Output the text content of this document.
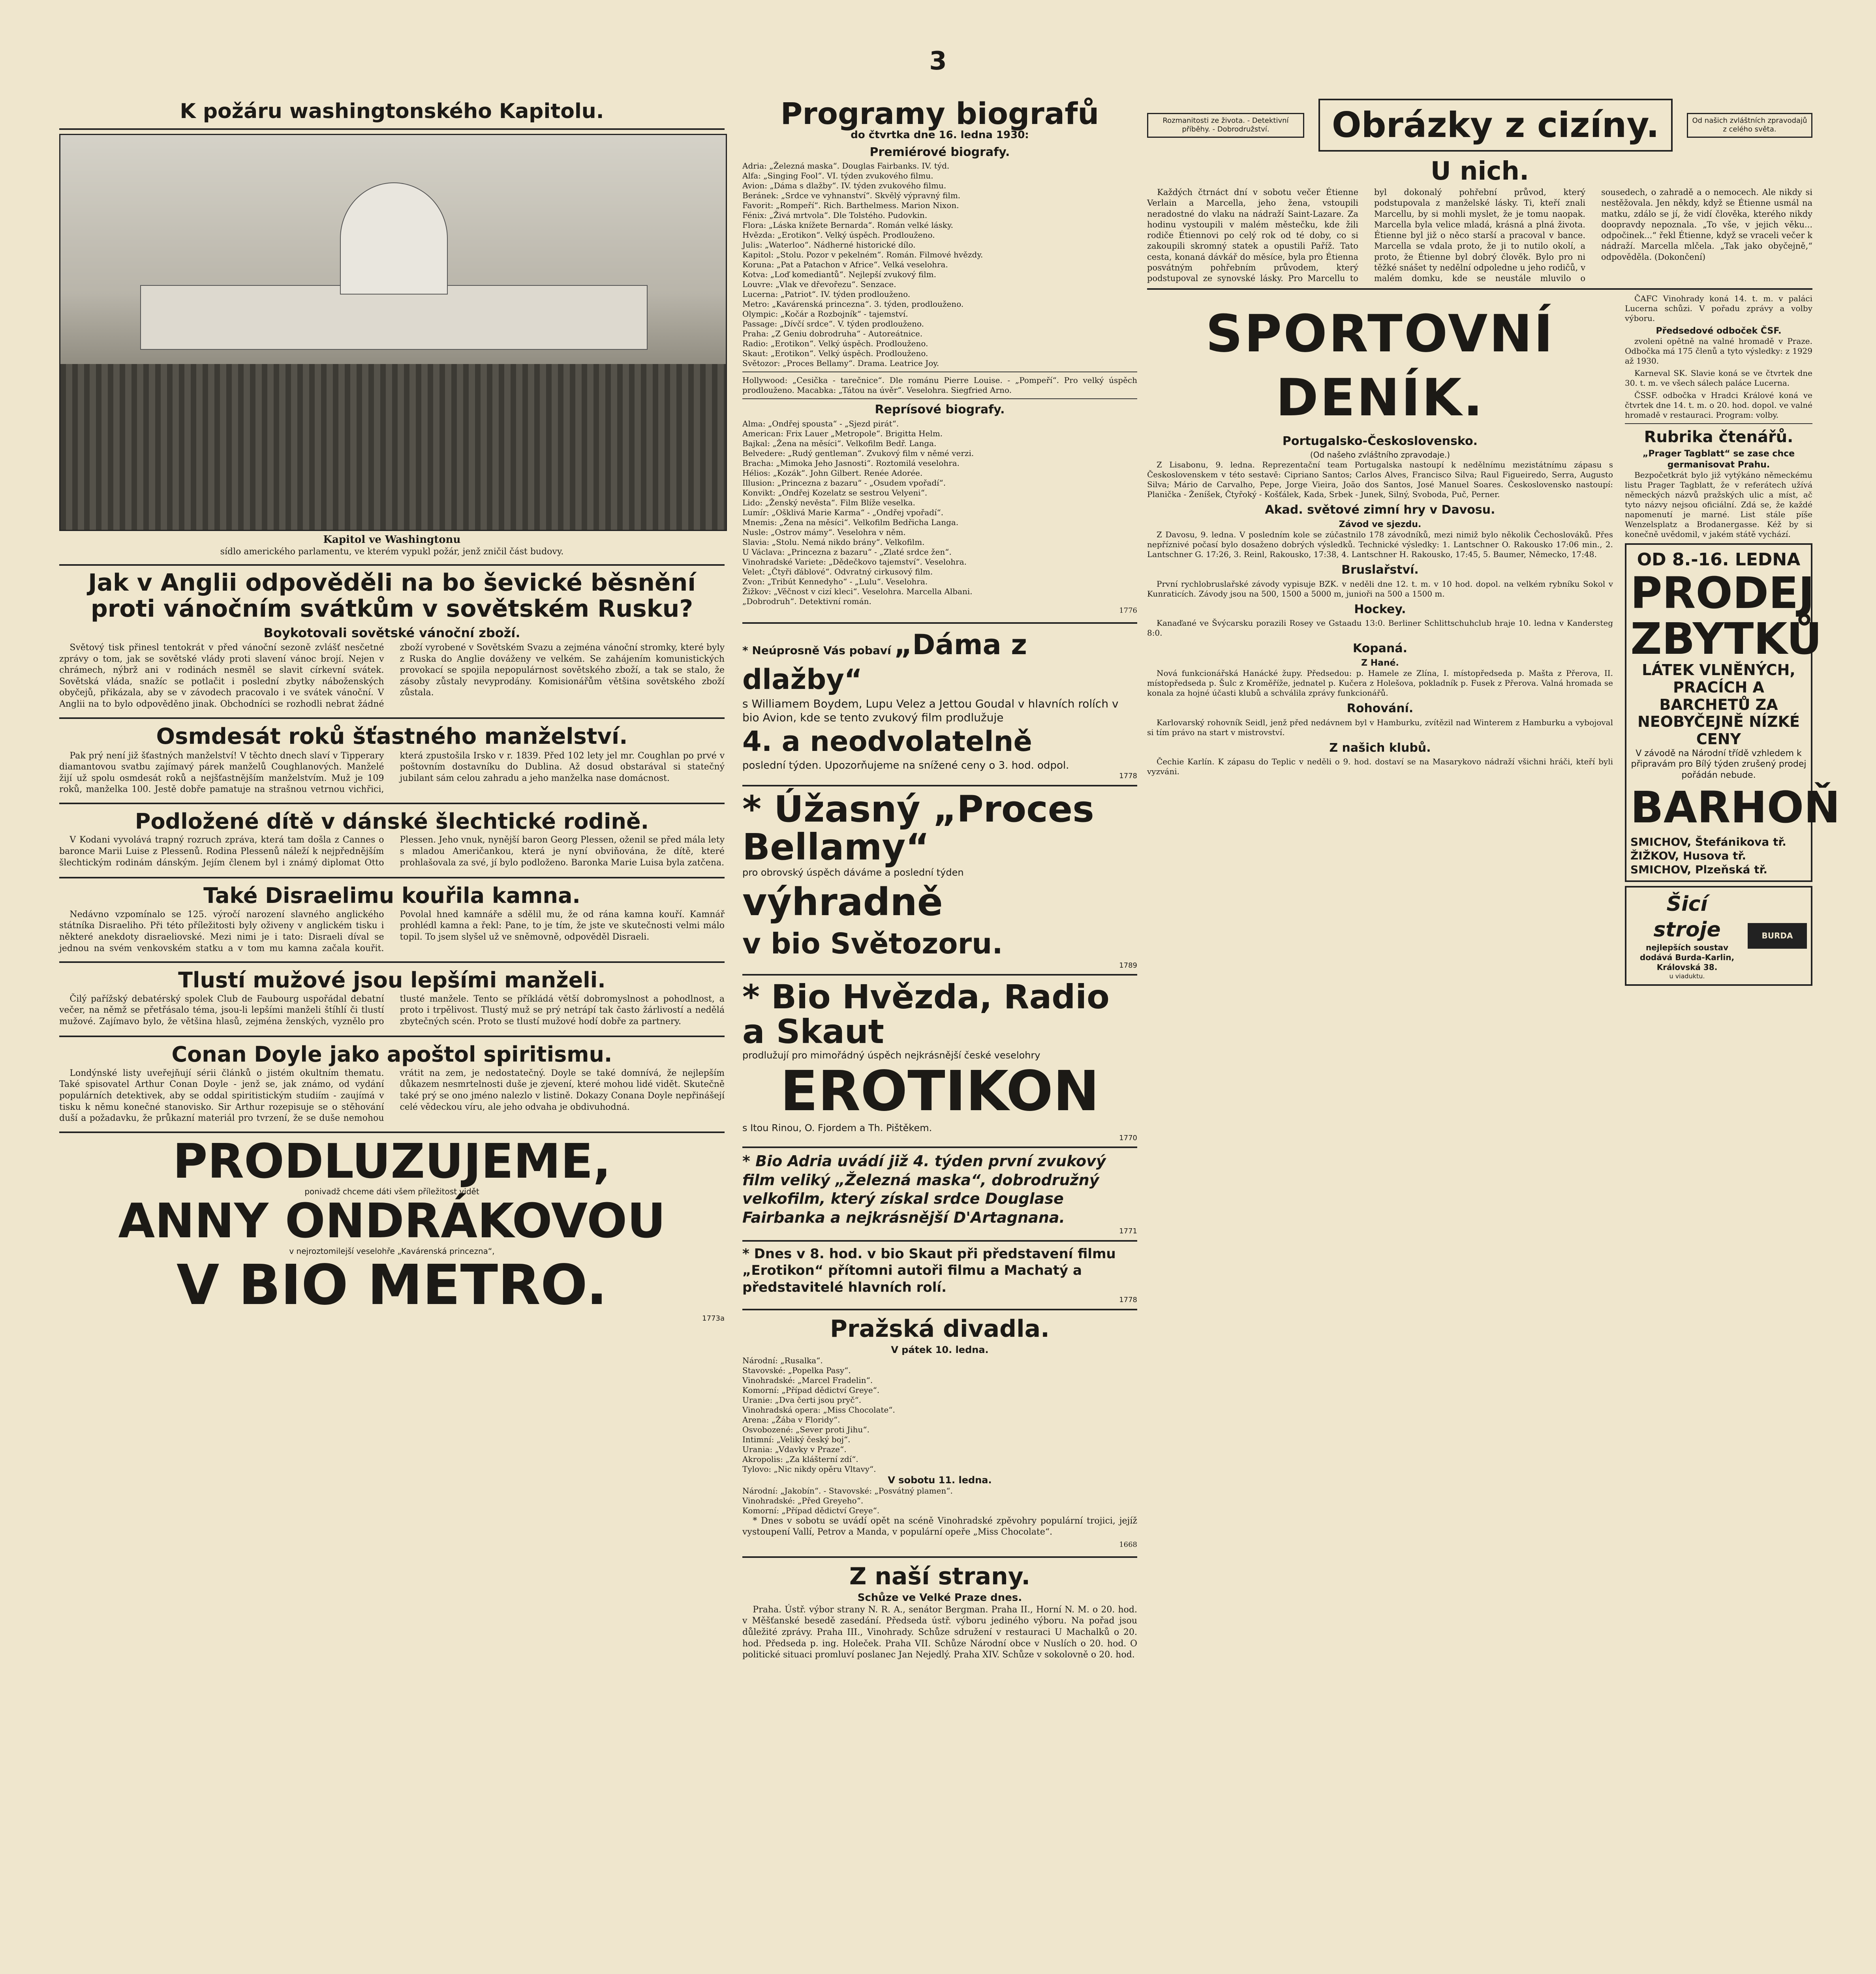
3
K požáru washingtonského Kapitolu.
Kapitol ve Washingtonu
sídlo amerického parlamentu, ve kterém vypukl požár, jenž zničil část budovy.
Jak v Anglii odpověděli na bo ševické běsnění proti vánočním svátkům v sovětském Rusku?
Boykotovali sovětské vánoční zboží.

Světový tisk přinesl tentokrát v před vánoční sezoně zvlášť nesčetné zprávy o tom, jak se sovětské vlády proti slavení vánoc brojí. Nejen v chrámech, nýbrž ani v rodinách nesměl se slavit církevní svátek. Sovětská vláda, snažíc se potlačit i poslední zbytky náboženských obyčejů, přikázala, aby se v závodech pracovalo i ve svátek vánoční. V Anglii na to bylo odpověděno jinak. Obchodníci se rozhodli nebrat žádné zboží vyrobené v Sovětském Svazu a zejména vánoční stromky, které byly z Ruska do Anglie dováženy ve velkém. Se zahájením komunistických provokací se spojila nepopulárnost sovětského zboží, a tak se stalo, že zásoby zůstaly nevyprodány. Komisionářům většina sovětského zboží zůstala.

Osmdesát roků šťastného manželství.

Pak prý není již šťastných manželství! V těchto dnech slaví v Tipperary diamantovou svatbu zajímavý párek manželů Coughlanových. Manželé žijí už spolu osmdesát roků a nejšťastnějším manželstvím. Muž je 109 roků, manželka 100. Jestě dobře pamatuje na strašnou vetrnou vichřici, která zpustošila Irsko v r. 1839. Před 102 lety jel mr. Coughlan po prvé v poštovním dostavníku do Dublina. Až dosud obstarával si statečný jubilant sám celou zahradu a jeho manželka nase domácnost.

Podložené dítě v dánské šlechtické rodině.

V Kodani vyvolává trapný rozruch zpráva, která tam došla z Cannes o baronce Marii Luise z Plessenů. Rodina Plessenů náleží k nejpřednějším šlechtickým rodinám dánským. Jejím členem byl i známý diplomat Otto Plessen. Jeho vnuk, nynější baron Georg Plessen, oženil se před mála lety s mladou Američankou, která je nyní obviňována, že dítě, které prohlašovala za své, jí bylo podloženo. Baronka Marie Luisa byla zatčena.

Také Disraelimu kouřila kamna.

Nedávno vzpomínalo se 125. výročí narození slavného anglického státníka Disraeliho. Při této příležitosti byly oživeny v anglickém tisku i některé anekdoty disraeliovské. Mezi nimi je i tato: Disraeli díval se jednou na svém venkovském statku a v tom mu kamna začala kouřit. Povolal hned kamnáře a sdělil mu, že od rána kamna kouří. Kamnář prohlédl kamna a řekl: Pane, to je tím, že jste ve skutečnosti velmi málo topil. To jsem slyšel už ve sněmovně, odpověděl Disraeli.

Tlustí mužové jsou lepšími manželi.

Čilý pařížský debatérský spolek Club de Faubourg uspořádal debatní večer, na němž se přetřásalo téma, jsou-li lepšími manželi štíhlí či tlustí mužové. Zajímavo bylo, že většina hlasů, zejména ženských, vyznělo pro tlusté manžele. Tento se příkládá větší dobromyslnost a pohodlnost, a proto i trpělivost. Tlustý muž se prý netrápí tak často žárlivostí a nedělá zbytečných scén. Proto se tlustí mužové hodí dobře za partnery.

Conan Doyle jako apoštol spiritismu.

Londýnské listy uveřejňují sérii článků o jistém okultním thematu. Také spisovatel Arthur Conan Doyle - jenž se, jak známo, od vydání populárních detektivek, aby se oddal spiritistickým studiím - zaujímá v tisku k němu konečné stanovisko. Sir Arthur rozepisuje se o stěhování duší a požadavku, že průkazní materiál pro tvrzení, že se duše nemohou vrátit na zem, je nedostatečný. Doyle se také domnívá, že nejlepším důkazem nesmrtelnosti duše je zjevení, které mohou lidé vidět. Skutečně také prý se ono jméno nalezlo v listině. Dokazy Conana Doyle nepřinášejí celé vědeckou víru, ale jeho odvaha je obdivuhodná.

PRODLUZUJEME,
ponivadž chceme dáti všem příležitost vidět
ANNY ONDRÁKOVOU
v nejroztomilejší veselohře „Kavárenská princezna“,
V BIO METRO.
1773a
Programy biografů
do čtvrtka dne 16. ledna 1930:
Premiérové biografy.

Adria: „Železná maska“. Douglas Fairbanks. IV. týd.

Alfa: „Singing Fool“. VI. týden zvukového filmu.

Avion: „Dáma s dlažby“. IV. týden zvukového filmu.

Beránek: „Srdce ve vyhnanství“. Skvělý výpravný film.

Favorit: „Rompeří“. Rich. Barthelmess. Marion Nixon.

Fénix: „Živá mrtvola“. Dle Tolstého. Pudovkin.

Flora: „Láska knížete Bernarda“. Román velké lásky.

Hvězda: „Erotikon“. Velký úspěch. Prodlouženo.

Julis: „Waterloo“. Nádherné historické dílo.

Kapitol: „Stolu. Pozor v pekelném“. Román. Filmové hvězdy.

Koruna: „Pat a Patachon v Africe“. Velká veselohra.

Kotva: „Loď komediantů“. Nejlepší zvukový film.

Louvre: „Vlak ve dřevořezu“. Senzace.

Lucerna: „Patriot“. IV. týden prodlouženo.

Metro: „Kavárenská princezna“. 3. týden, prodlouženo.

Olympic: „Kočár a Rozbojník“ - tajemství.

Passage: „Dívčí srdce“. V. týden prodlouženo.

Praha: „Z Geniu dobrodruha“ - Autoreátnice.

Radio: „Erotikon“. Velký úspěch. Prodlouženo.

Skaut: „Erotikon“. Velký úspěch. Prodlouženo.

Světozor: „Proces Bellamy“. Drama. Leatrice Joy.

Hollywood: „Cesička - tarečnice“. Dle románu Pierre Louise. - „Pompeří“. Pro velký úspěch prodlouženo. Macabka: „Tátou na úvěr“. Veselohra. Siegfried Arno.

Reprísové biografy.

Alma: „Ondřej spousta“ - „Sjezd pirát“.

American: Frix Lauer „Metropole“. Brigitta Helm.

Bajkal: „Žena na měsíci“. Velkofilm Bedř. Langa.

Belvedere: „Rudý gentleman“. Zvukový film v němé verzi.

Bracha: „Mimoka Jeho Jasnosti“. Roztomilá veselohra.

Hélios: „Kozák“. John Gilbert. Renée Adorée.

Illusion: „Princezna z bazaru“ - „Osudem vpořadí“.

Konvikt: „Ondřej Kozelatz se sestrou Velyeni“.

Lido: „Ženský nevěsta“. Film Blíže veselka.

Lumír: „Ošklivá Marie Karma“ - „Ondřej vpořadí“.

Mnemis: „Žena na měsíci“. Velkofilm Bedřicha Langa.

Nusle: „Ostrov mámy“. Veselohra v něm.

Slavia: „Stolu. Nemá nikdo brány“. Velkofilm.

U Václava: „Princezna z bazaru“ - „Zlaté srdce žen“.

Vinohradské Variete: „Dědečkovo tajemství“. Veselohra.

Velet: „Čtyři ďáblové“. Odvratný cirkusový film.

Zvon: „Tribút Kennedyho“ - „Lulu“. Veselohra.

Žižkov: „Věčnost v cizí kleci“. Veselohra. Marcella Albani.

„Dobrodruh“. Detektivní román.

1776
* Neúprosně Vás pobaví „Dáma z dlažby“
s Williamem Boydem, Lupu Velez a Jettou Goudal v hlavních rolích v bio Avion, kde se tento zvukový film prodlužuje
4. a neodvolatelně
poslední týden. Upozorňujeme na snížené ceny o 3. hod. odpol.
1778
* Úžasný „Proces Bellamy“
pro obrovský úspěch dáváme a poslední týden
výhradně
v bio Světozoru.
1789
* Bio Hvězda, Radio a Skaut
prodlužují pro mimořádný úspěch nejkrásnější české veselohry
EROTIKON
s Itou Rinou, O. Fjordem a Th. Pištěkem.
1770
* Bio Adria uvádí již 4. týden první zvukový film veliký „Železná maska“, dobrodružný velkofilm, který získal srdce Douglase Fairbanka a nejkrásnější D'Artagnana.
1771
* Dnes v 8. hod. v bio Skaut při představení filmu „Erotikon“ přítomni autoři filmu a Machatý a představitelé hlavních rolí.
1778
Pražská divadla.
V pátek 10. ledna.

Národní: „Rusalka“.

Stavovské: „Popelka Pasy“.

Vinohradské: „Marcel Fradelin“.

Komorní: „Případ dědictví Greye“.

Uranie: „Dva čerti jsou pryč“.

Vinohradská opera: „Miss Chocolate“.

Arena: „Žába v Floridy“.

Osvobozené: „Sever proti Jihu“.

Intimní: „Veliký český boj“.

Urania: „Vdavky v Praze“.

Akropolis: „Za klášterní zdí“.

Tylovo: „Nic nikdy opěru Vltavy“.

V sobotu 11. ledna.

Národní: „Jakobín“. - Stavovské: „Posvátný plamen“.

Vinohradské: „Před Greyeho“.

Komorní: „Případ dědictví Greye“.

* Dnes v sobotu se uvádí opět na scéně Vinohradské zpěvohry populární trojici, jejíž vystoupení Vallí, Petrov a Manda, v populární opeře „Miss Chocolate“.

1668
Z naší strany.
Schůze ve Velké Praze dnes.

Praha. Ústř. výbor strany N. R. A., senátor Bergman. Praha II., Horní N. M. o 20. hod. v Měšťanské besedě zasedání. Předseda ústř. výboru jediného výboru. Na pořad jsou důležité zprávy. Praha III., Vinohrady. Schůze sdružení v restauraci U Machalků o 20. hod. Předseda p. ing. Holeček. Praha VII. Schůze Národní obce v Nuslích o 20. hod. O politické situaci promluví poslanec Jan Nejedlý. Praha XIV. Schůze v sokolovně o 20. hod.

Rozmanitosti ze života. - Detektivní příběhy. - Dobrodružství.	Obrázky z cizíny.	Od našich zvláštních zpravodajů z celého světa.
U nich.

Každých čtrnáct dní v sobotu večer Étienne Verlain a Marcella, jeho žena, vstoupili neradostné do vlaku na nádraží Saint-Lazare. Za hodinu vystoupili v malém městečku, kde žili rodiče Étiennovi po celý rok od té doby, co si zakoupili skromný statek a opustili Paříž. Tato cesta, konaná dávkář do měsíce, byla pro Étienna posvátným pohřebním průvodem, který podstupoval ze synovské lásky. Pro Marcellu to byl dokonalý pohřební průvod, který podstupovala z manželské lásky. Ti, kteří znali Marcellu, by si mohli myslet, že je tomu naopak. Marcella byla velice mladá, krásná a plná života. Étienne byl již o něco starší a pracoval v bance. Marcella se vdala proto, že ji to nutilo okolí, a proto, že Étienne byl dobrý člověk. Bylo pro ni těžké snášet ty nedělní odpoledne u jeho rodičů, v malém domku, kde se neustále mluvilo o sousedech, o zahradě a o nemocech. Ale nikdy si nestěžovala. Jen někdy, když se Étienne usmál na matku, zdálo se jí, že vidí člověka, kterého nikdy doopravdy nepoznala. „To vše, v jejich věku... odpočinek...“ řekl Étienne, když se vraceli večer k nádraží. Marcella mlčela. „Tak jako obyčejně,“ odpověděla. (Dokončení)

SPORTOVNÍ DENÍK.
Portugalsko-Československo.
(Od našeho zvláštního zpravodaje.)

Z Lisabonu, 9. ledna. Reprezentační team Portugalska nastoupí k nedělnímu mezistátnímu zápasu s Československem v této sestavě: Cipriano Santos; Carlos Alves, Francisco Silva; Raul Figueiredo, Serra, Augusto Silva; Mário de Carvalho, Pepe, Jorge Vieira, João dos Santos, José Manuel Soares. Československo nastoupí: Planička - Ženíšek, Čtyřoký - Košťálek, Kada, Srbek - Junek, Silný, Svoboda, Puč, Perner.

Akad. světové zimní hry v Davosu.
Závod ve sjezdu.

Z Davosu, 9. ledna. V posledním kole se zúčastnilo 178 závodníků, mezi nimiž bylo několik Čechoslováků. Přes nepříznivé počasí bylo dosaženo dobrých výsledků. Technické výsledky: 1. Lantschner O. Rakousko 17:06 min., 2. Lantschner G. 17:26, 3. Reinl, Rakousko, 17:38, 4. Lantschner H. Rakousko, 17:45, 5. Baumer, Německo, 17:48.

Bruslařství.

První rychlobruslařské závody vypisuje BZK. v neděli dne 12. t. m. v 10 hod. dopol. na velkém rybníku Sokol v Kunraticích. Závody jsou na 500, 1500 a 5000 m, junioři na 500 a 1500 m.

Hockey.

Kanaďané ve Švýcarsku porazili Rosey ve Gstaadu 13:0. Berliner Schlittschuhclub hraje 10. ledna v Kandersteg 8:0.

Kopaná.
Z Hané.

Nová funkcionářská Hanácké župy. Předsedou: p. Hamele ze Zlína, I. místopředseda p. Mašta z Přerova, II. místopředseda p. Šulc z Kroměříže, jednatel p. Kučera z Holešova, pokladník p. Fusek z Přerova. Valná hromada se konala za hojné účasti klubů a schválila zprávy funkcionářů.

Rohování.

Karlovarský rohovník Seidl, jenž před nedávnem byl v Hamburku, zvítězil nad Winterem z Hamburku a vybojoval si tím právo na start v mistrovství.

Z našich klubů.

Čechie Karlín. K zápasu do Teplic v neděli o 9. hod. dostaví se na Masarykovo nádraží všichni hráči, kteří byli vyzváni.

ČAFC Vinohrady koná 14. t. m. v paláci Lucerna schůzi. V pořadu zprávy a volby výboru.

Předsedové odboček ČSF.

zvoleni opětně na valné hromadě v Praze. Odbočka má 175 členů a tyto výsledky: z 1929 až 1930.

Karneval SK. Slavie koná se ve čtvrtek dne 30. t. m. ve všech sálech paláce Lucerna.

ČSSF. odbočka v Hradci Králové koná ve čtvrtek dne 14. t. m. o 20. hod. dopol. ve valné hromadě v restauraci. Program: volby.

Rubrika čtenářů.
„Prager Tagblatt“ se zase chce germanisovat Prahu.

Bezpočetkrát bylo již vytýkáno německému listu Prager Tagblatt, že v referátech užívá německých názvů pražských ulic a míst, ač tyto názvy nejsou oficiální. Zdá se, že každé napomenutí je marné. List stále píše Wenzelsplatz a Brodanergasse. Kéž by si konečně uvědomil, v jakém státě vychází.

OD 8.-16. LEDNA
PRODEJ ZBYTKŮ
LÁTEK VLNĚNÝCH, PRACÍCH A BARCHETŮ ZA NEOBYČEJNĚ NÍZKÉ CENY
V závodě na Národní třídě vzhledem k připravám pro Bílý týden zrušený prodej pořádán nebude.
BARHOŇ
SMICHOV, Štefánikova tř.
ŽIŽKOV, Husova tř.
SMICHOV, Plzeňská tř.
Šicí stroje
nejlepších soustav dodává Burda-Karlin, Královská 38.
u viaduktu.
BURDA
